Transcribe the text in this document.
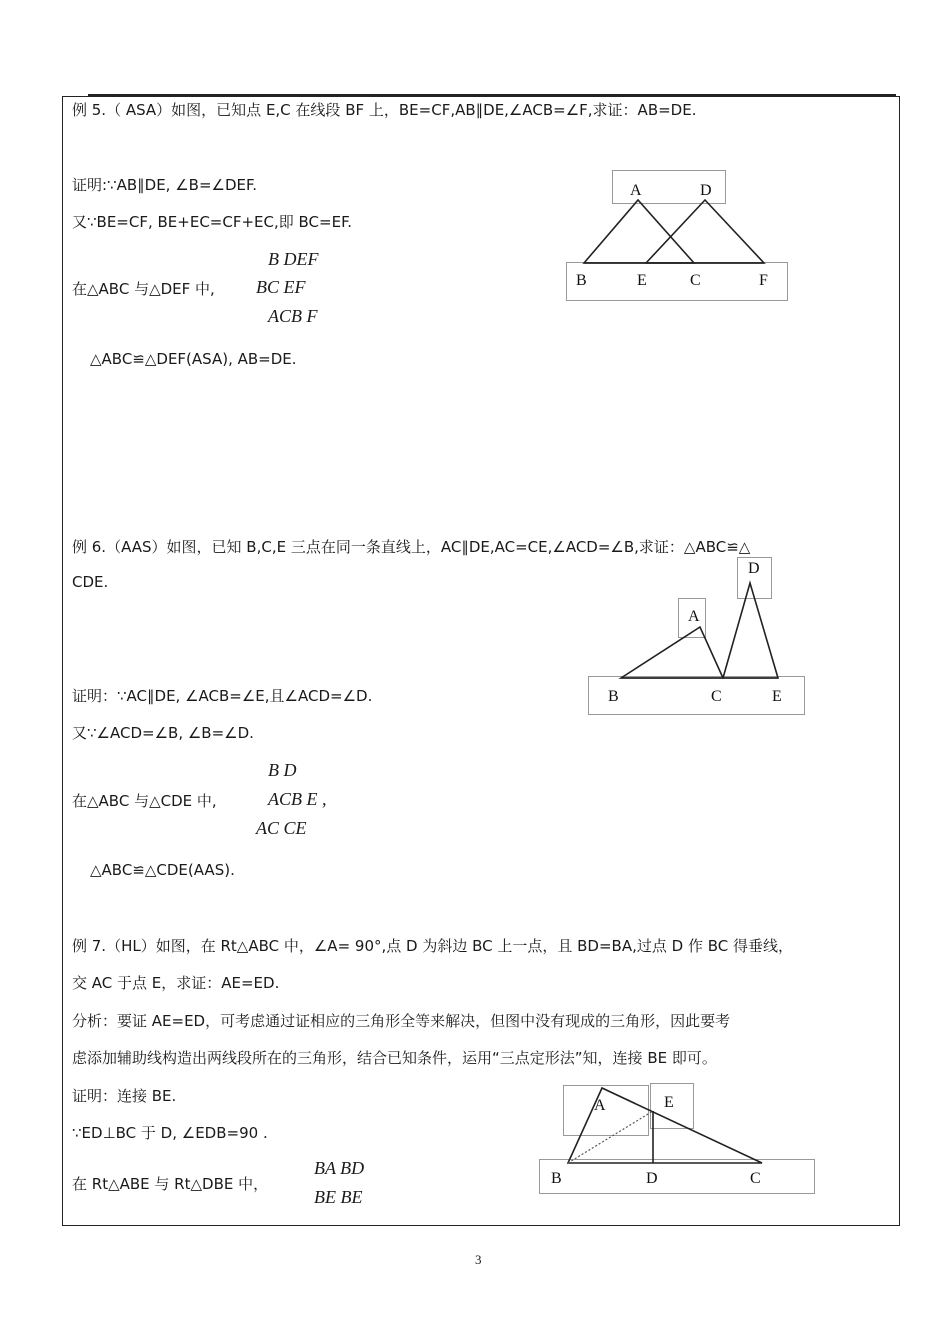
例 5.（ ASA）如图，已知点 E,C 在线段 BF 上，BE=CF,AB∥DE,∠ACB=∠F,求证：AB=DE.
证明:∵AB∥DE, ∠B=∠DEF.
又∵BE=CF, BE+EC=CF+EC,即 BC=EF.
B DEF
在△ABC 与△DEF 中, BC EF
ACB F
△ABC≌△DEF(ASA), AB=DE.
A	D
B	E	C	F
例 6.（AAS）如图，已知 B,C,E 三点在同一条直线上，AC∥DE,AC=CE,∠ACD=∠B,求证：△ABC≌△
CDE.
证明：∵AC∥DE, ∠ACB=∠E,且∠ACD=∠D.
又∵∠ACD=∠B, ∠B=∠D.
B D
在△ABC 与△CDE 中,	ACB E ,
AC CE
△ABC≌△CDE(AAS).
D
A
B	C	E
例 7.（HL）如图，在 Rt△ABC 中，∠A= 90°,点 D 为斜边 BC 上一点，且 BD=BA,过点 D 作 BC 得垂线，
交 AC 于点 E，求证：AE=ED.
分析：要证 AE=ED，可考虑通过证相应的三角形全等来解决，但图中没有现成的三角形，因此要考
虑添加辅助线构造出两线段所在的三角形，结合已知条件，运用“三点定形法”知，连接 BE 即可。
证明：连接 BE.
∵ED⊥BC 于 D, ∠EDB=90 .
在 Rt△ABE 与 Rt△DBE 中，
BA BD
BE BE
A	E
B	D	C
3
